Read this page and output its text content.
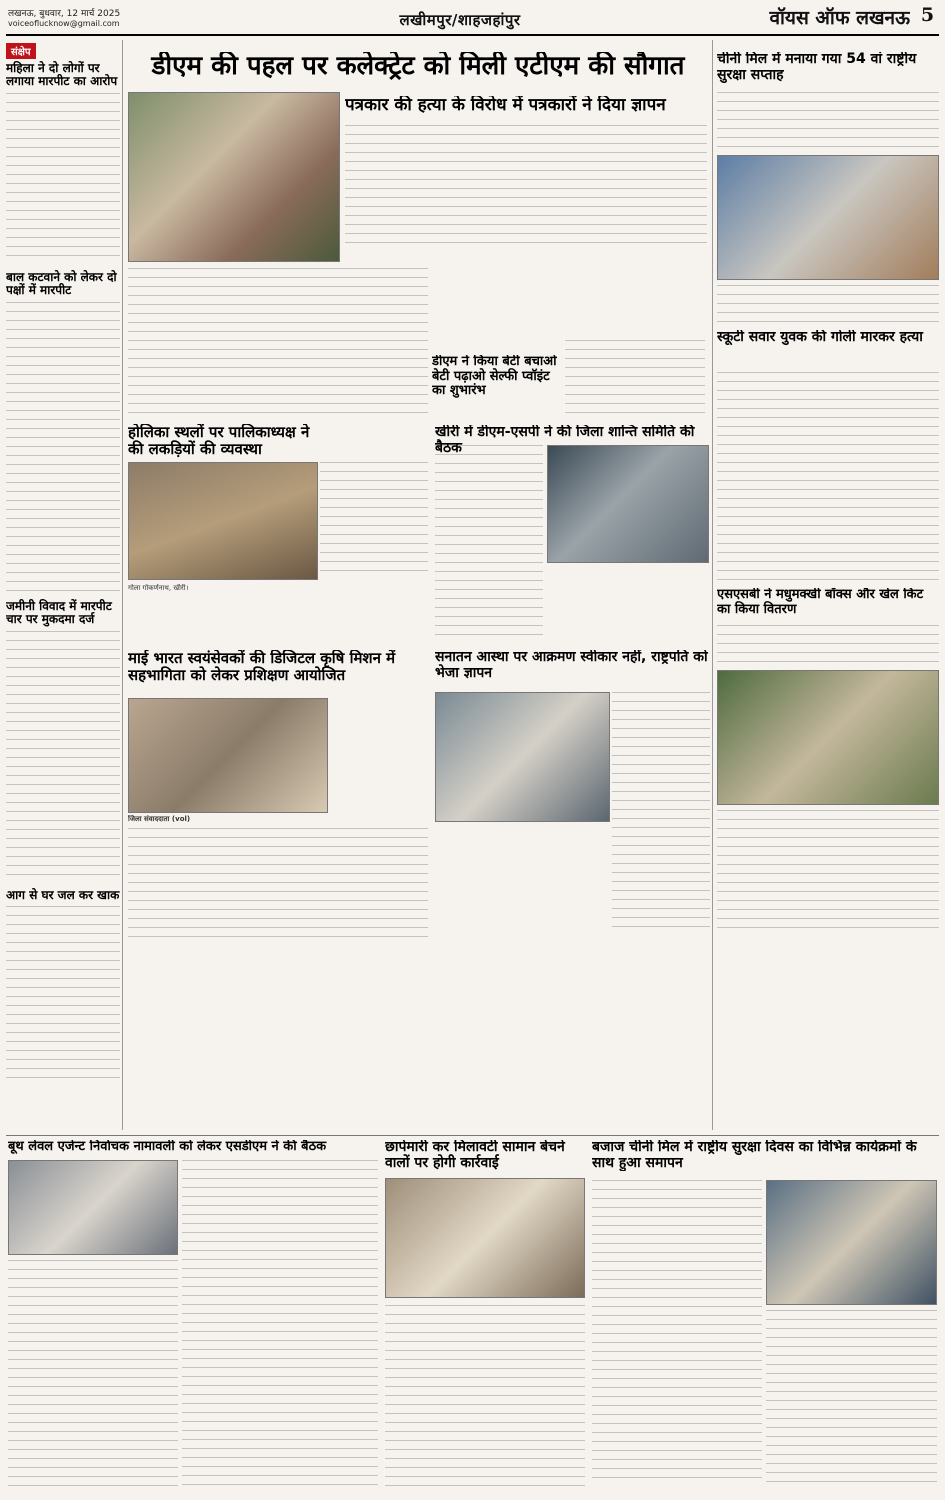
लखनऊ, बुधवार, 12 मार्च 2025
voiceoflucknow@gmail.com	लखीमपुर/शाहजहांपुर	वॉयस ऑफ लखनऊ 5
संक्षेप
महिला ने दो लोगों पर लगाया मारपीट का आरोप
बाल कटवाने को लेकर दो पक्षों में मारपीट
जमीनी विवाद में मारपीट चार पर मुकदमा दर्ज
आग से घर जल कर खाक
डीएम की पहल पर कलेक्ट्रेट को मिली एटीएम की सौगात
पत्रकार की हत्या के विरोध में पत्रकारों ने दिया ज्ञापन
डीएम ने किया बेटी बचाओ बेटी पढ़ाओ सेल्फी प्वॉइंट का शुभारंभ
होलिका स्थलों पर पालिकाध्यक्ष ने की लकड़ियों की व्यवस्था
गोला गोकर्णनाथ, खीरी।
खीरी में डीएम-एसपी ने की जिला शान्ति समिति की बैठक
माई भारत स्वयंसेवकों की डिजिटल कृषि मिशन में सहभागिता को लेकर प्रशिक्षण आयोजित
जिला संवाददाता (vol)
सनातन आस्था पर आक्रमण स्वीकार नहीं, राष्ट्रपति को भेजा ज्ञापन
चीनी मिल में मनाया गया 54 वां राष्ट्रीय सुरक्षा सप्ताह
स्कूटी सवार युवक की गोली मारकर हत्या
एसएसबी ने मधुमक्खी बॉक्स और खेल किट का किया वितरण
बूथ लेवल एजेन्ट निर्वाचक नामावली को लेकर एसडीएम ने की बैठक	छापेमारी कर मिलावटी सामान बेचने वालों पर होगी कार्रवाई
बजाज चीनी मिल में राष्ट्रीय सुरक्षा दिवस का विभिन्न कार्यक्रमों के साथ हुआ समापन
